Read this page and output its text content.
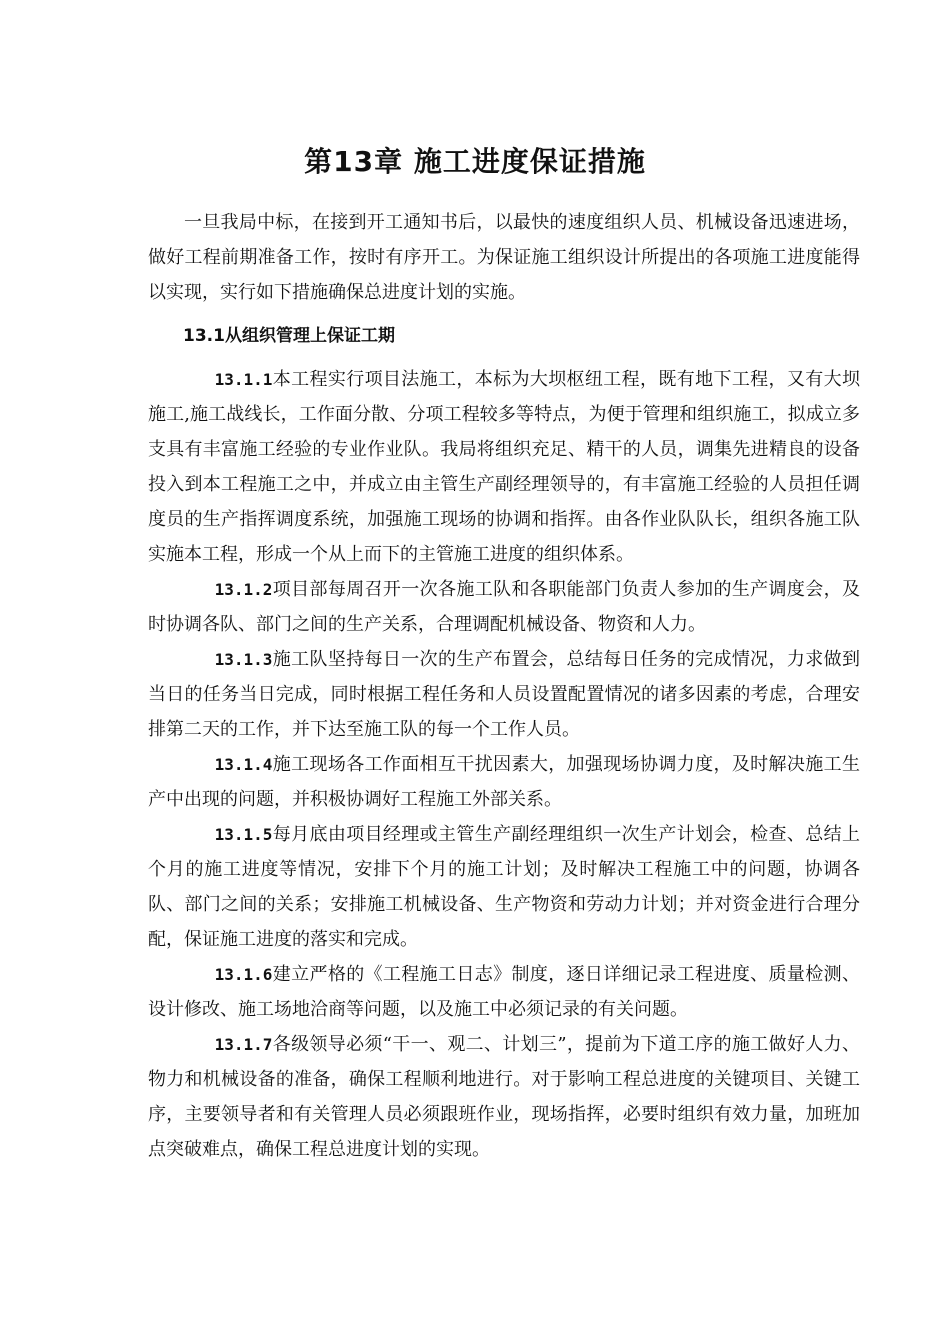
第13章 施工进度保证措施

一旦我局中标，在接到开工通知书后，以最快的速度组织人员、机械设备迅速进场，做好工程前期准备工作，按时有序开工。为保证施工组织设计所提出的各项施工进度能得以实现，实行如下措施确保总进度计划的实施。

13.1从组织管理上保证工期

13.1.1本工程实行项目法施工，本标为大坝枢纽工程，既有地下工程，又有大坝施工,施工战线长，工作面分散、分项工程较多等特点，为便于管理和组织施工，拟成立多支具有丰富施工经验的专业作业队。我局将组织充足、精干的人员，调集先进精良的设备投入到本工程施工之中，并成立由主管生产副经理领导的，有丰富施工经验的人员担任调度员的生产指挥调度系统，加强施工现场的协调和指挥。由各作业队队长，组织各施工队实施本工程，形成一个从上而下的主管施工进度的组织体系。

13.1.2项目部每周召开一次各施工队和各职能部门负责人参加的生产调度会，及时协调各队、部门之间的生产关系，合理调配机械设备、物资和人力。

13.1.3施工队坚持每日一次的生产布置会，总结每日任务的完成情况，力求做到当日的任务当日完成，同时根据工程任务和人员设置配置情况的诸多因素的考虑，合理安排第二天的工作，并下达至施工队的每一个工作人员。

13.1.4施工现场各工作面相互干扰因素大，加强现场协调力度，及时解决施工生产中出现的问题，并积极协调好工程施工外部关系。

13.1.5每月底由项目经理或主管生产副经理组织一次生产计划会，检查、总结上个月的施工进度等情况，安排下个月的施工计划；及时解决工程施工中的问题，协调各队、部门之间的关系；安排施工机械设备、生产物资和劳动力计划；并对资金进行合理分配，保证施工进度的落实和完成。

13.1.6建立严格的《工程施工日志》制度，逐日详细记录工程进度、质量检测、设计修改、施工场地洽商等问题，以及施工中必须记录的有关问题。

13.1.7各级领导必须“干一、观二、计划三”，提前为下道工序的施工做好人力、物力和机械设备的准备，确保工程顺利地进行。对于影响工程总进度的关键项目、关键工序，主要领导者和有关管理人员必须跟班作业，现场指挥，必要时组织有效力量，加班加点突破难点，确保工程总进度计划的实现。
